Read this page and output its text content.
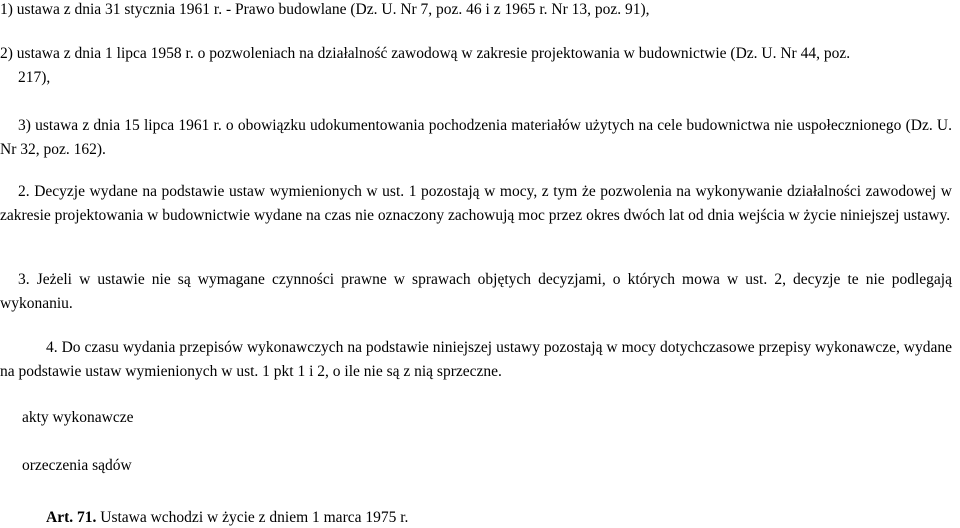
1) ustawa z dnia 31 stycznia 1961 r. - Prawo budowlane (Dz. U. Nr 7, poz. 46 i z 1965 r. Nr 13, poz. 91),
2) ustawa z dnia 1 lipca 1958 r. o pozwoleniach na działalność zawodową w zakresie projektowania w budownictwie (Dz. U. Nr 44, poz.
217),
3) ustawa z dnia 15 lipca 1961 r. o obowiązku udokumentowania pochodzenia materiałów użytych na cele budownictwa nie uspołecznionego (Dz. U. Nr 32, poz. 162).
2. Decyzje wydane na podstawie ustaw wymienionych w ust. 1 pozostają w mocy, z tym że pozwolenia na wykonywanie działalności zawodowej w zakresie projektowania w budownictwie wydane na czas nie oznaczony zachowują moc przez okres dwóch lat od dnia wejścia w życie niniejszej ustawy.
3. Jeżeli w ustawie nie są wymagane czynności prawne w sprawach objętych decyzjami, o których mowa w ust. 2, decyzje te nie podlegają wykonaniu.
4. Do czasu wydania przepisów wykonawczych na podstawie niniejszej ustawy pozostają w mocy dotychczasowe przepisy wykonawcze, wydane na podstawie ustaw wymienionych w ust. 1 pkt 1 i 2, o ile nie są z nią sprzeczne.
akty wykonawcze
orzeczenia sądów
Art. 71. Ustawa wchodzi w życie z dniem 1 marca 1975 r.
